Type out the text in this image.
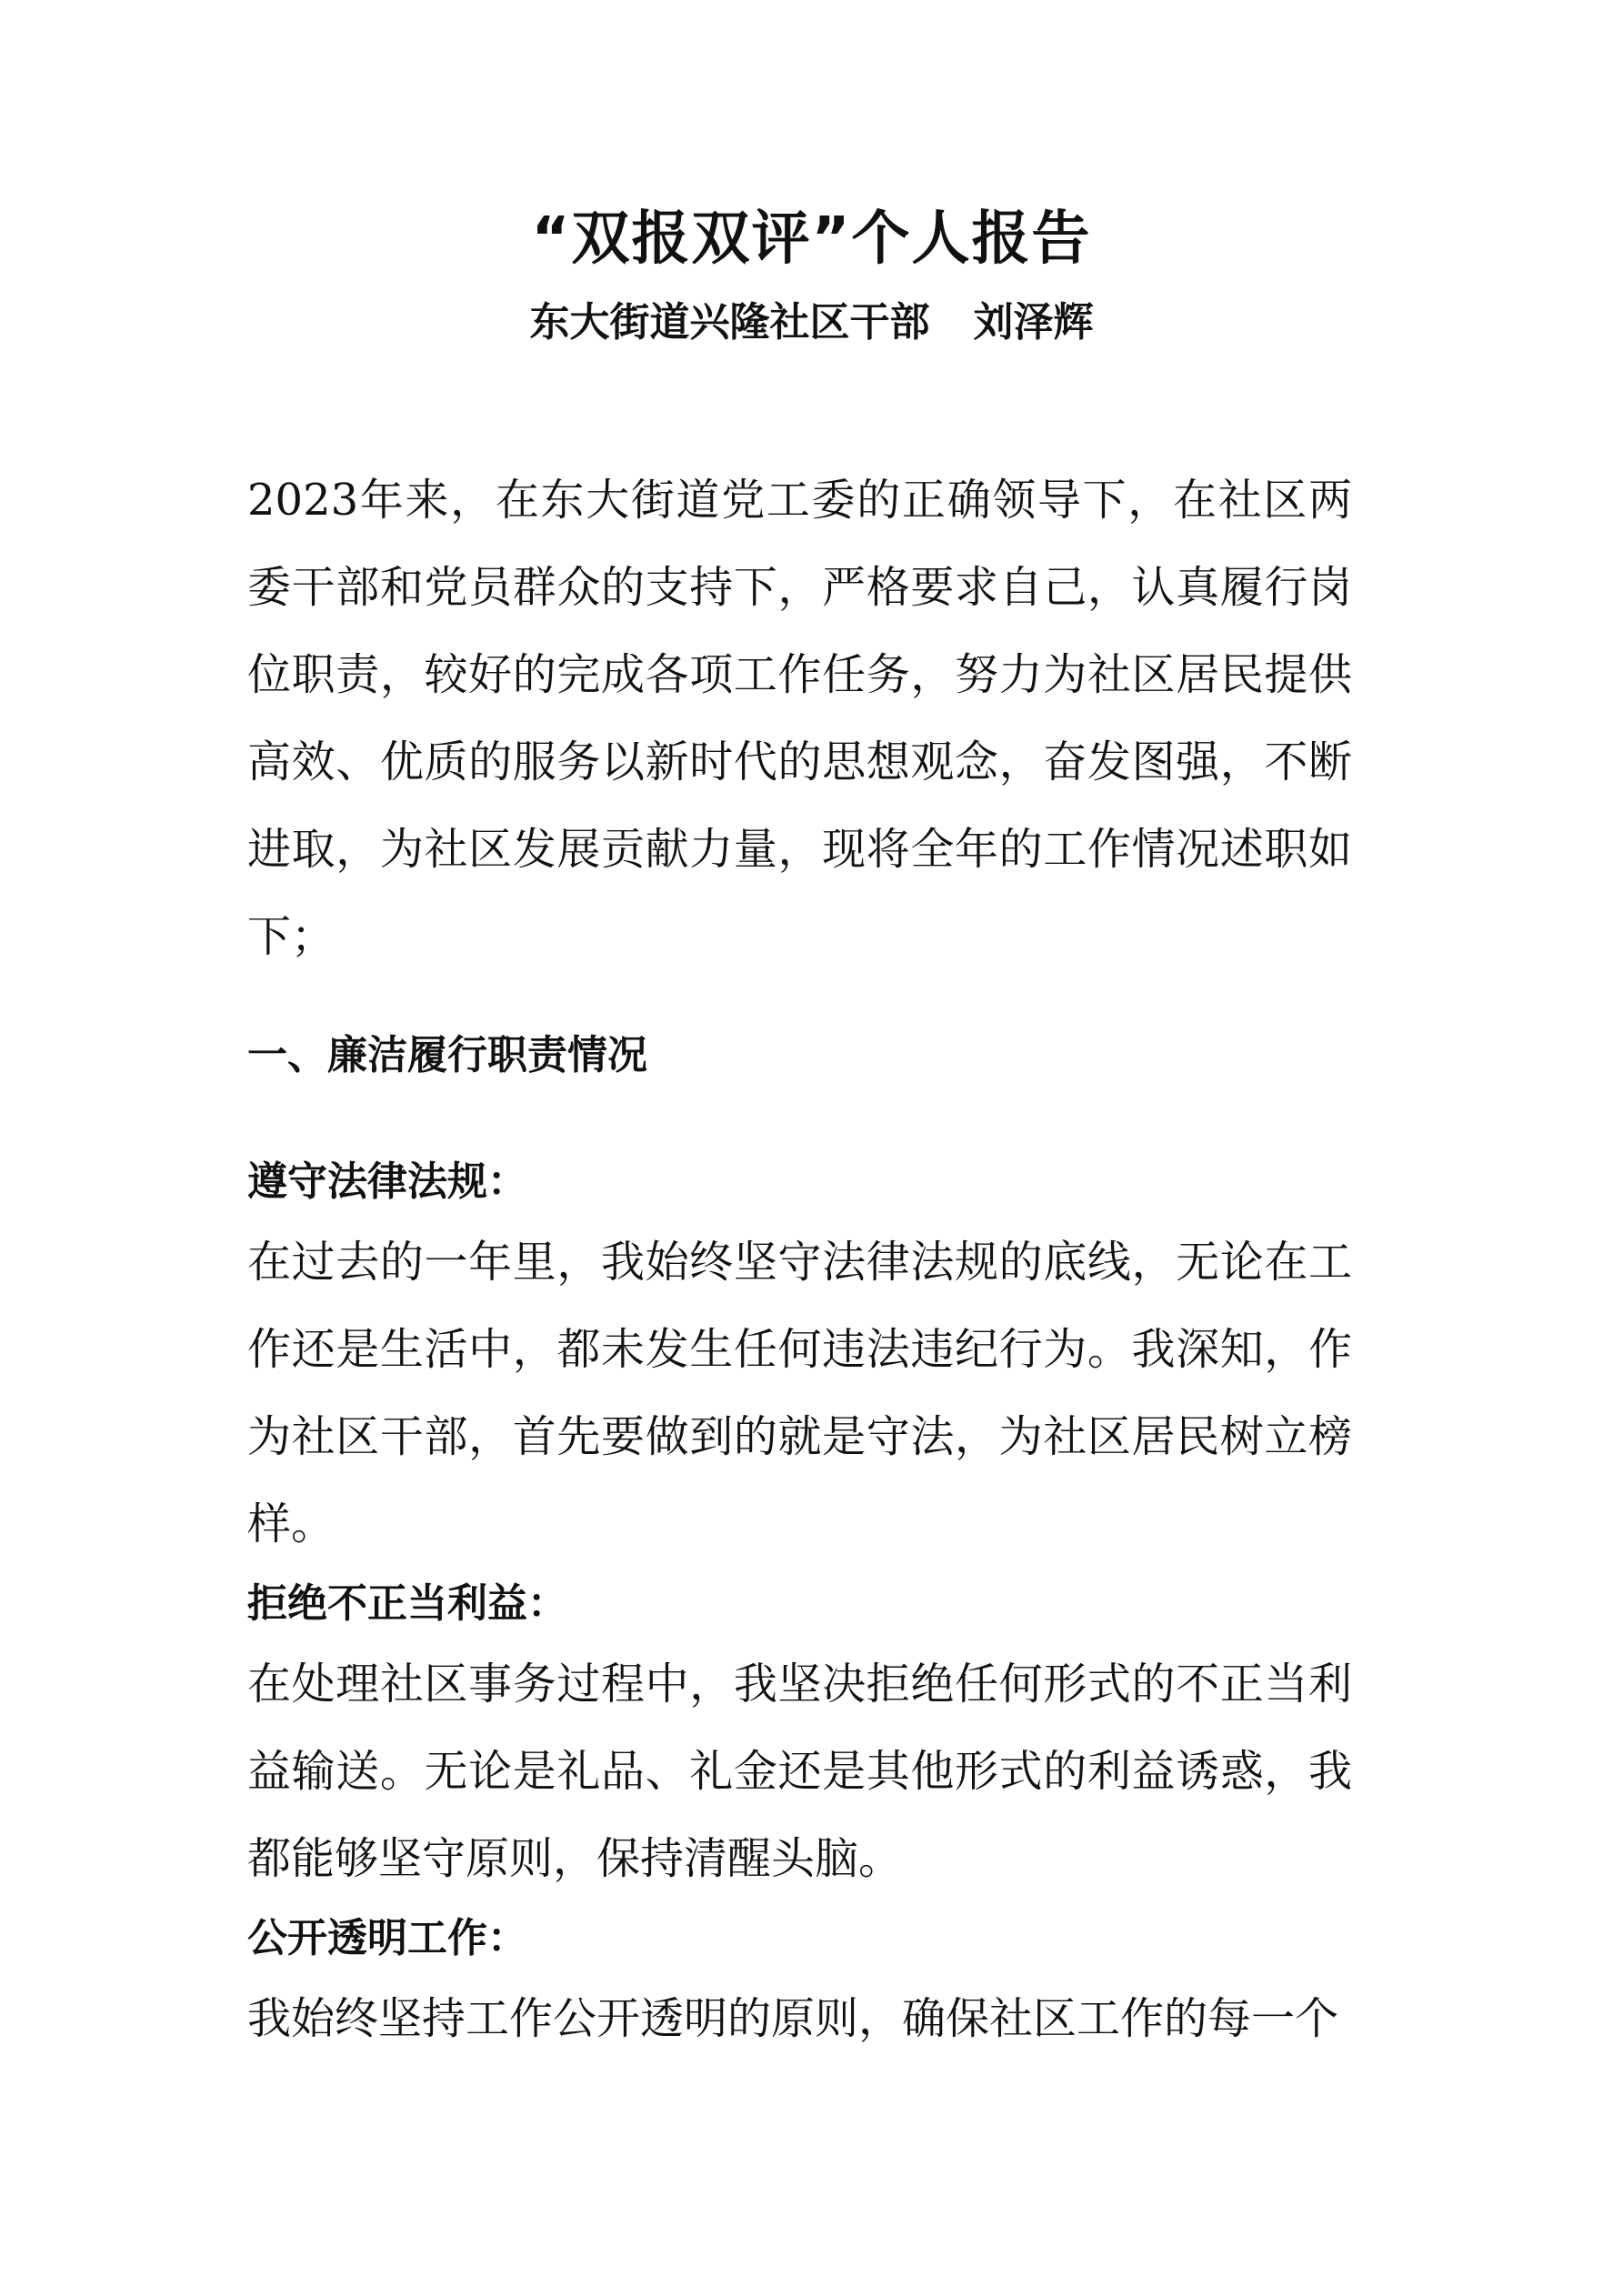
“双报双评”个人报告
东大街道兴隆社区干部 刘泽辉

2023年来，在东大街道党工委的正确领导下，在社区两委干部和党员群众的支持下，严格要求自己，认真履行岗位职责，较好的完成各项工作任务，努力为社区居民提供高效、优质的服务以新时代的思想观念，奋发图强，不断进取，为社区发展贡献力量，现将全年的工作情况述职如下；

一、廉洁履行职责情况
遵守法律法规：

在过去的一年里，我始终坚守法律法规的底线，无论在工作还是生活中，都未发生任何违法违纪行为。我深知，作为社区干部，首先要做到的就是守法，为社区居民树立榜样。

拒绝不正当利益：

在处理社区事务过程中，我坚决拒绝任何形式的不正当利益输送。无论是礼品、礼金还是其他形式的利益诱惑，我都能够坚守原则，保持清醒头脑。

公开透明工作：

我始终坚持工作公开透明的原则，确保社区工作的每一个
